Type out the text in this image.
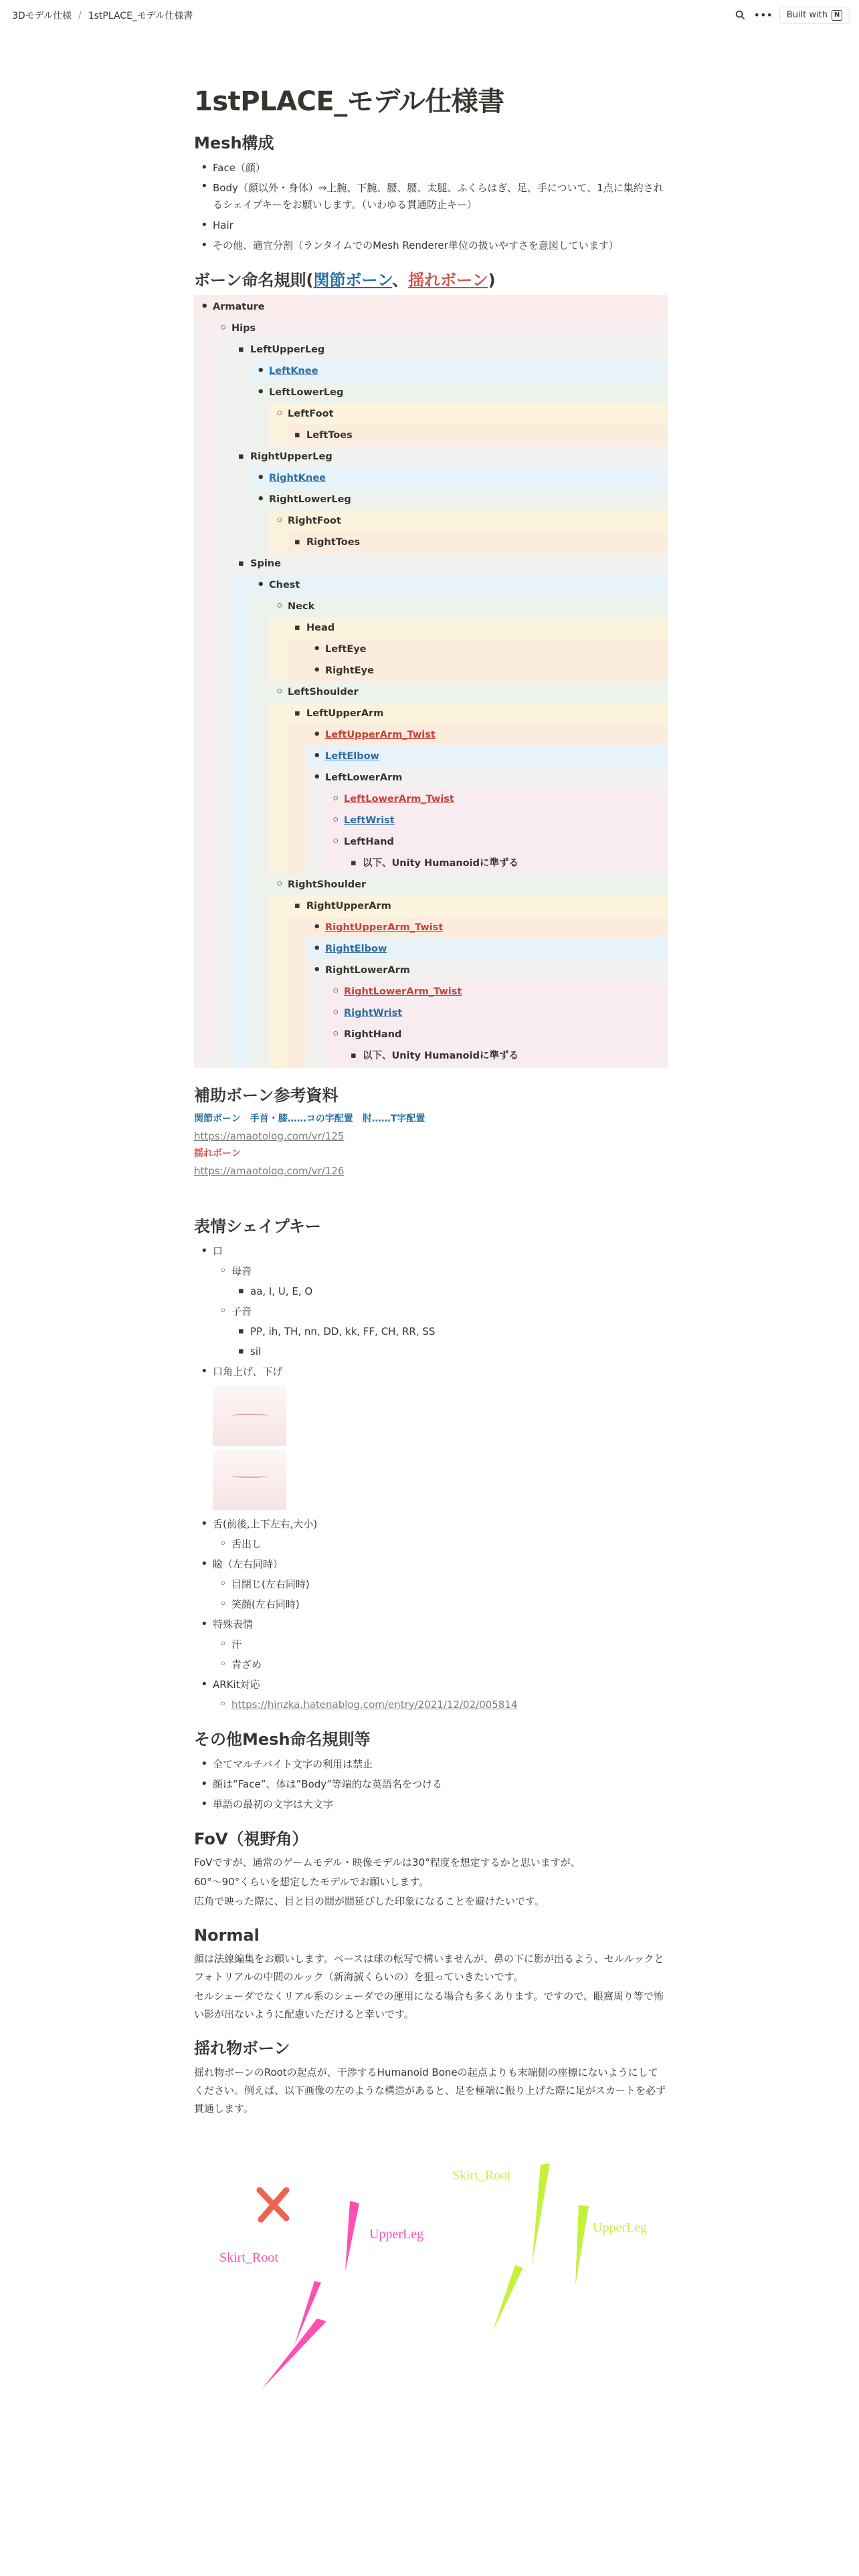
3Dモデル仕様 / 1stPLACE_モデル仕様書	••• Built with N
1stPLACE_モデル仕様書
Mesh構成
• Face（顔）
• Body（顔以外・身体）⇒上腕、下腕、腰、腰、太腿、ふくらはぎ、足、手について、1点に集約されるシェイプキーをお願いします。（いわゆる貫通防止キー）
• Hair
• その他、適宜分割（ランタイムでのMesh Renderer単位の扱いやすさを意図しています）
ボーン命名規則(関節ボーン、揺れボーン)
• Armature
◦ Hips
▪ LeftUpperLeg
• LeftKnee
• LeftLowerLeg
◦ LeftFoot
▪ LeftToes
▪ RightUpperLeg
• RightKnee
• RightLowerLeg
◦ RightFoot
▪ RightToes
▪ Spine
• Chest
◦ Neck
▪ Head
• LeftEye
• RightEye
◦ LeftShoulder
▪ LeftUpperArm
• LeftUpperArm_Twist
• LeftElbow
• LeftLowerArm
◦ LeftLowerArm_Twist
◦ LeftWrist
◦ LeftHand
▪ 以下、Unity Humanoidに準ずる
◦ RightShoulder
▪ RightUpperArm
• RightUpperArm_Twist
• RightElbow
• RightLowerArm
◦ RightLowerArm_Twist
◦ RightWrist
◦ RightHand
▪ 以下、Unity Humanoidに準ずる
補助ボーン参考資料
関節ボーン　手首・膝……コの字配置　肘……T字配置
https://amaotolog.com/vr/125
揺れボーン
https://amaotolog.com/vr/126
表情シェイプキー
• 口
◦ 母音
▪ aa, I, U, E, O
◦ 子音
▪ PP, ih, TH, nn, DD, kk, FF, CH, RR, SS
▪ sil
• 口角上げ、下げ
• 舌(前後,上下左右,大小)
◦ 舌出し
• 瞼（左右同時）
◦ 目閉じ(左右同時)
◦ 笑顔(左右同時)
• 特殊表情
◦ 汗
◦ 青ざめ
• ARKit対応
◦ https://hinzka.hatenablog.com/entry/2021/12/02/005814
その他Mesh命名規則等
• 全てマルチバイト文字の利用は禁止
• 顔は”Face”、体は”Body”等端的な英語名をつける
• 単語の最初の文字は大文字
FoV（視野角）
FoVですが、通常のゲームモデル・映像モデルは30°程度を想定するかと思いますが、
60°〜90°くらいを想定したモデルでお願いします。
広角で映った際に、目と目の間が間延びした印象になることを避けたいです。
Normal
顔は法線編集をお願いします。ベースは球の転写で構いませんが、鼻の下に影が出るよう、セルルックとフォトリアルの中間のルック（新海誠くらいの）を狙っていきたいです。
セルシェーダでなくリアル系のシェーダでの運用になる場合も多くあります。ですので、眼窩周り等で怖い影が出ないように配慮いただけると幸いです。
揺れ物ボーン
揺れ物ボーンのRootの起点が、干渉するHumanoid Boneの起点よりも末端側の座標にないようにしてください。例えば、以下画像の左のような構造があると、足を極端に振り上げた際に足がスカートを必ず貫通します。
Skirt_Root
UpperLeg
Skirt_Root
UpperLeg
